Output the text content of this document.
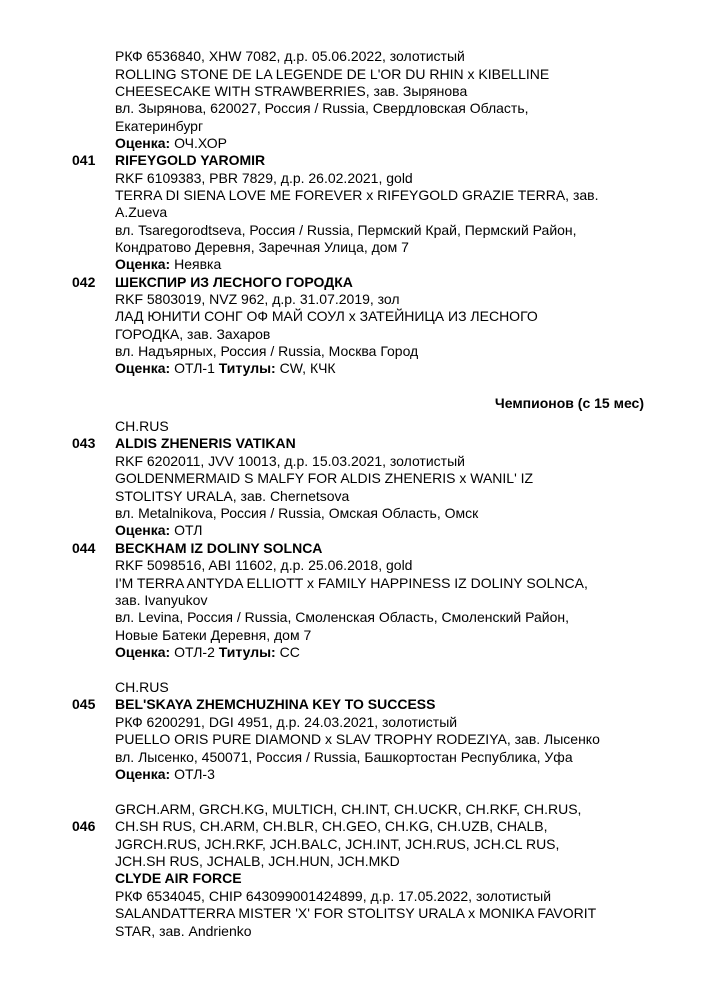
РКФ 6536840, XHW 7082, д.р. 05.06.2022, золотистый
ROLLING STONE DE LA LEGENDE DE L'OR DU RHIN x KIBELLINE
CHEESECAKE WITH STRAWBERRIES, зав. Зырянова
вл. Зырянова, 620027, Россия / Russia, Свердловская Область,
Екатеринбург
Оценка: ОЧ.ХОР
041 RIFEYGOLD YAROMIR
RKF 6109383, PBR 7829, д.р. 26.02.2021, gold
TERRA DI SIENA LOVE ME FOREVER x RIFEYGOLD GRAZIE TERRA, зав.
A.Zueva
вл. Tsaregorodtseva, Россия / Russia, Пермский Край, Пермский Район,
Кондратово Деревня, Заречная Улица, дом 7
Оценка: Неявка
042 ШЕКСПИР ИЗ ЛЕСНОГО ГОРОДКА
RKF 5803019, NVZ 962, д.р. 31.07.2019, зол
ЛАД ЮНИТИ СОНГ ОФ МАЙ СОУЛ x ЗАТЕЙНИЦА ИЗ ЛЕСНОГО
ГОРОДКА, зав. Захаров
вл. Надъярных, Россия / Russia, Москва Город
Оценка: ОТЛ-1 Титулы: CW, КЧК
Чемпионов (с 15 мес)
CH.RUS
043 ALDIS ZHENERIS VATIKAN
RKF 6202011, JVV 10013, д.р. 15.03.2021, золотистый
GOLDENMERMAID S MALFY FOR ALDIS ZHENERIS x WANIL' IZ
STOLITSY URALA, зав. Chernetsova
вл. Metalnikova, Россия / Russia, Омская Область, Омск
Оценка: ОТЛ
044 BECKHAM IZ DOLINY SOLNCA
RKF 5098516, ABI 11602, д.р. 25.06.2018, gold
I'M TERRA ANTYDA ELLIOTT x FAMILY HAPPINESS IZ DOLINY SOLNCA,
зав. Ivanyukov
вл. Levina, Россия / Russia, Смоленская Область, Смоленский Район,
Новые Батеки Деревня, дом 7
Оценка: ОТЛ-2 Титулы: CC
CH.RUS
045 BEL'SKAYA ZHEMCHUZHINA KEY TO SUCCESS
РКФ 6200291, DGI 4951, д.р. 24.03.2021, золотистый
PUELLO ORIS PURE DIAMOND x SLAV TROPHY RODEZIYA, зав. Лысенко
вл. Лысенко, 450071, Россия / Russia, Башкортостан Республика, Уфа
Оценка: ОТЛ-3
GRCH.ARM, GRCH.KG, MULTICH, CH.INT, CH.UCKR, CH.RKF, CH.RUS,
046 CH.SH RUS, CH.ARM, CH.BLR, CH.GEO, CH.KG, CH.UZB, CHALB,
JGRCH.RUS, JCH.RKF, JCH.BALC, JCH.INT, JCH.RUS, JCH.CL RUS,
JCH.SH RUS, JCHALB, JCH.HUN, JCH.MKD
CLYDE AIR FORCE
РКФ 6534045, CHIP 643099001424899, д.р. 17.05.2022, золотистый
SALANDATTERRA MISTER 'X' FOR STOLITSY URALA x MONIKA FAVORIT
STAR, зав. Andrienko
